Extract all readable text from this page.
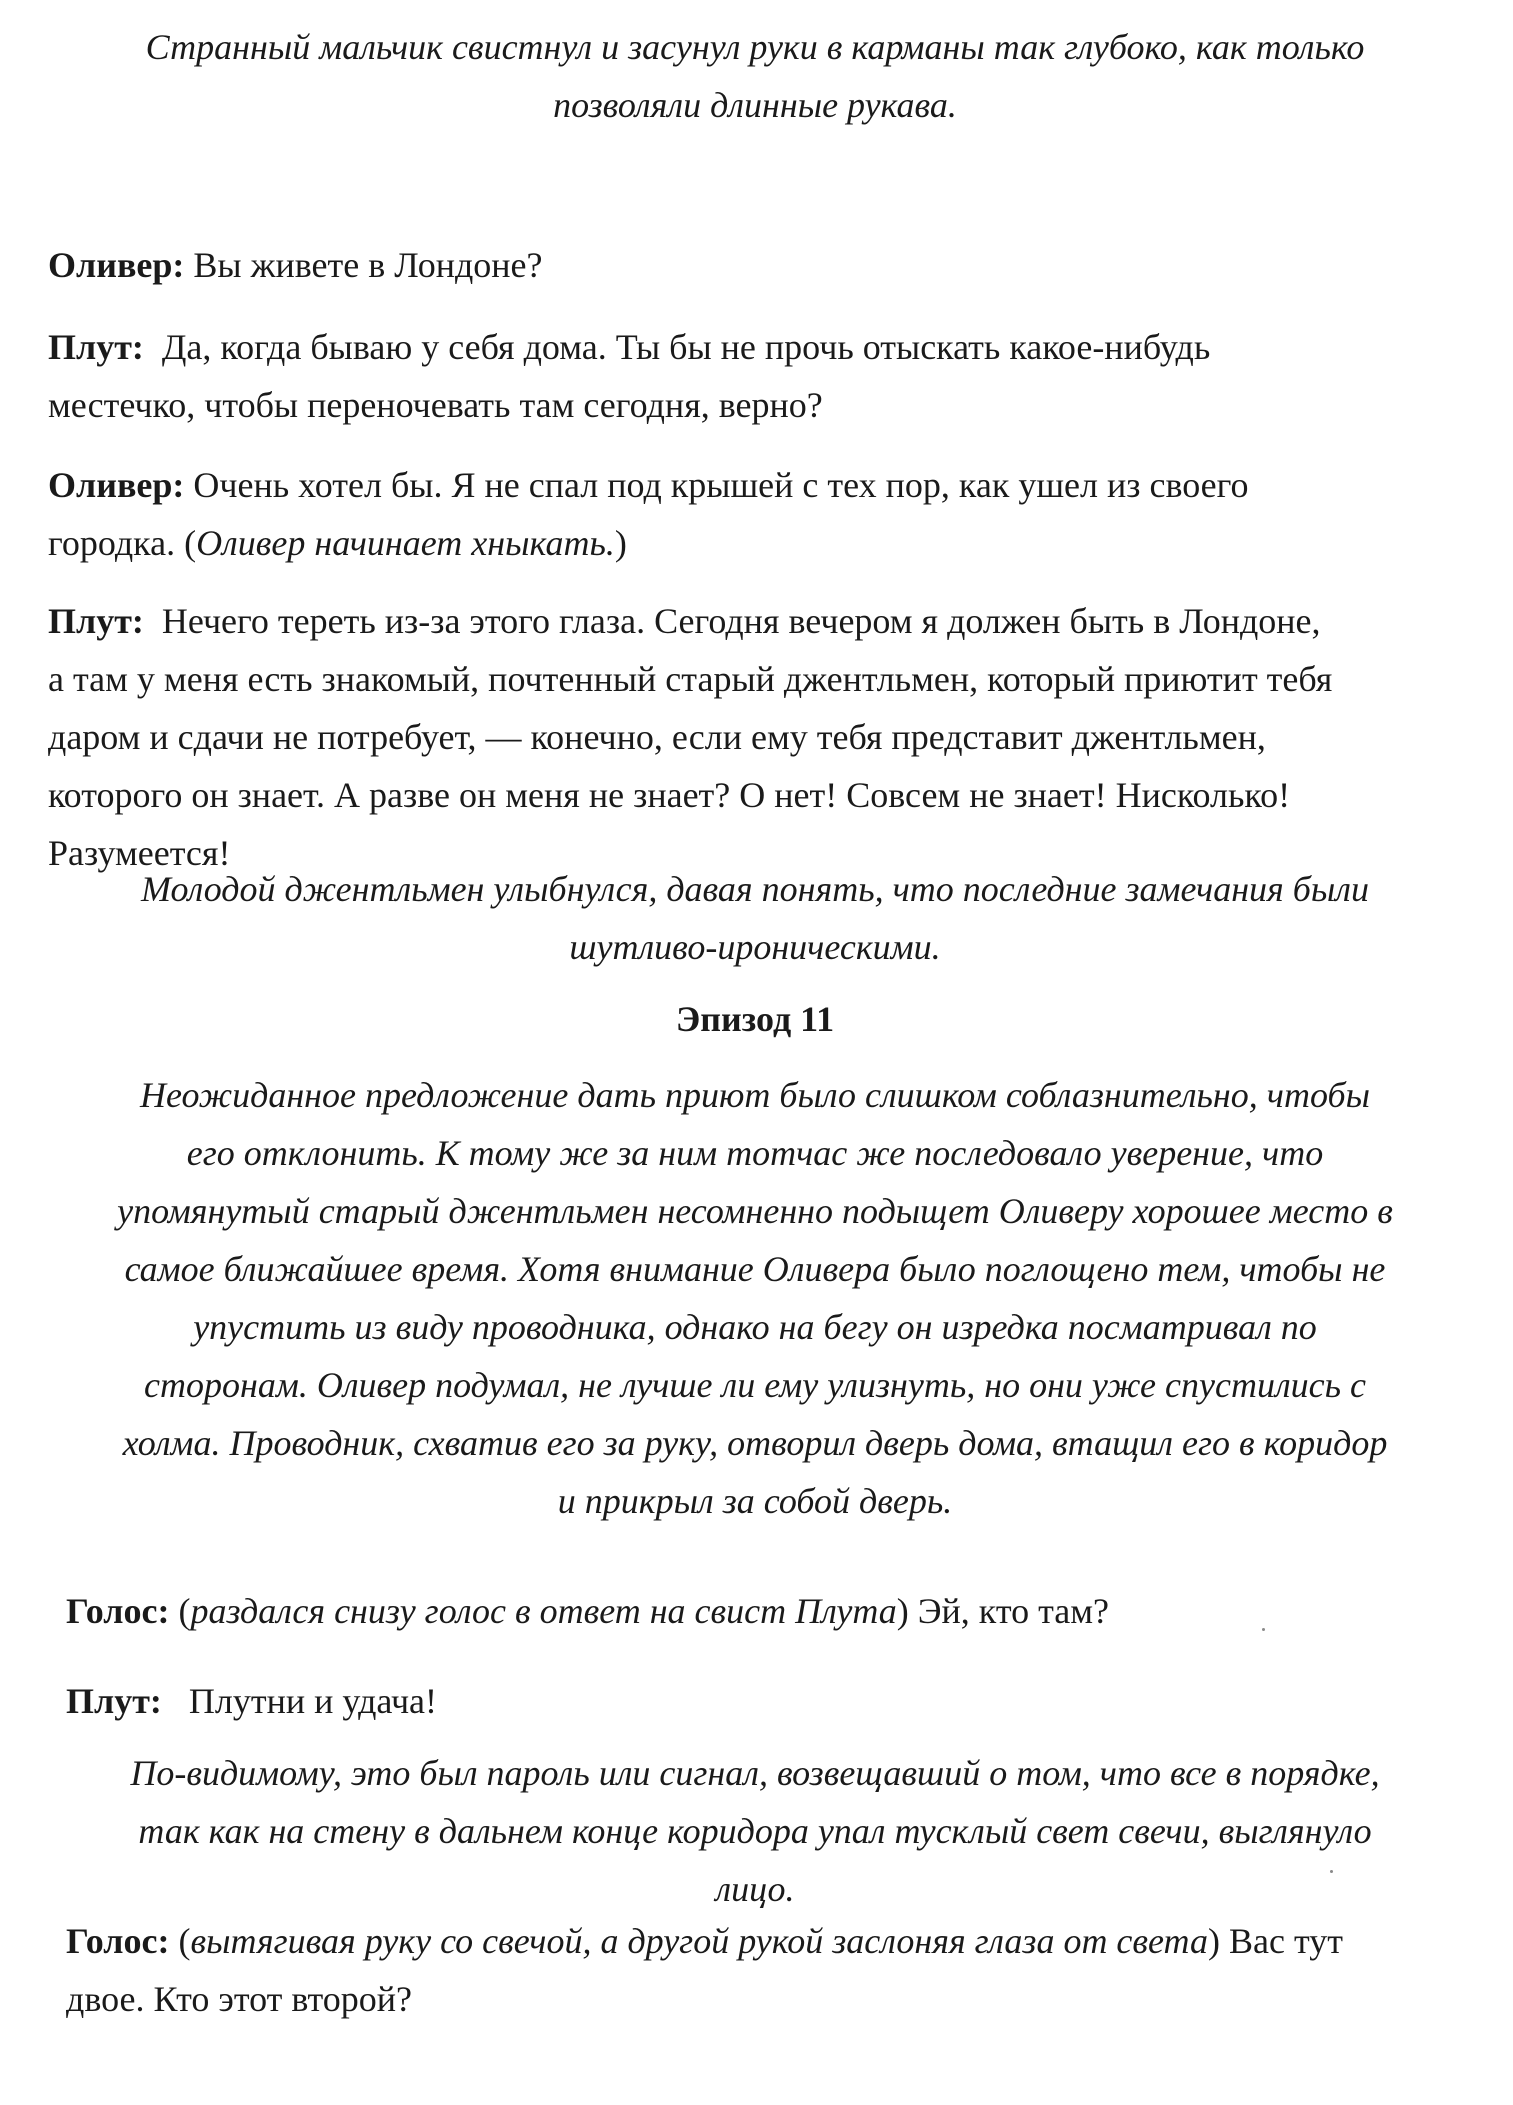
Странный мальчик свистнул и засунул руки в карманы так глубоко, как только
позволяли длинные рукава.
Оливер: Вы живете в Лондоне?
Плут: Да, когда бываю у себя дома. Ты бы не прочь отыскать какое-нибудь
местечко, чтобы переночевать там сегодня, верно?
Оливер: Очень хотел бы. Я не спал под крышей с тех пор, как ушел из своего
городка. (Оливер начинает хныкать.)
Плут: Нечего тереть из-за этого глаза. Сегодня вечером я должен быть в Лондоне,
а там у меня есть знакомый, почтенный старый джентльмен, который приютит тебя
даром и сдачи не потребует, — конечно, если ему тебя представит джентльмен,
которого он знает. А разве он меня не знает? О нет! Совсем не знает! Нисколько!
Разумеется!
Молодой джентльмен улыбнулся, давая понять, что последние замечания были
шутливо-ироническими.
Эпизод 11
Неожиданное предложение дать приют было слишком соблазнительно, чтобы
его отклонить. К тому же за ним тотчас же последовало уверение, что
упомянутый старый джентльмен несомненно подыщет Оливеру хорошее место в
самое ближайшее время. Хотя внимание Оливера было поглощено тем, чтобы не
упустить из виду проводника, однако на бегу он изредка посматривал по
сторонам. Оливер подумал, не лучше ли ему улизнуть, но они уже спустились с
холма. Проводник, схватив его за руку, отворил дверь дома, втащил его в коридор
и прикрыл за собой дверь.
Голос: (раздался снизу голос в ответ на свист Плута) Эй, кто там?
Плут: Плутни и удача!
По-видимому, это был пароль или сигнал, возвещавший о том, что все в порядке,
так как на стену в дальнем конце коридора упал тусклый свет свечи, выглянуло
лицо.
Голос: (вытягивая руку со свечой, а другой рукой заслоняя глаза от света) Вас тут
двое. Кто этот второй?
